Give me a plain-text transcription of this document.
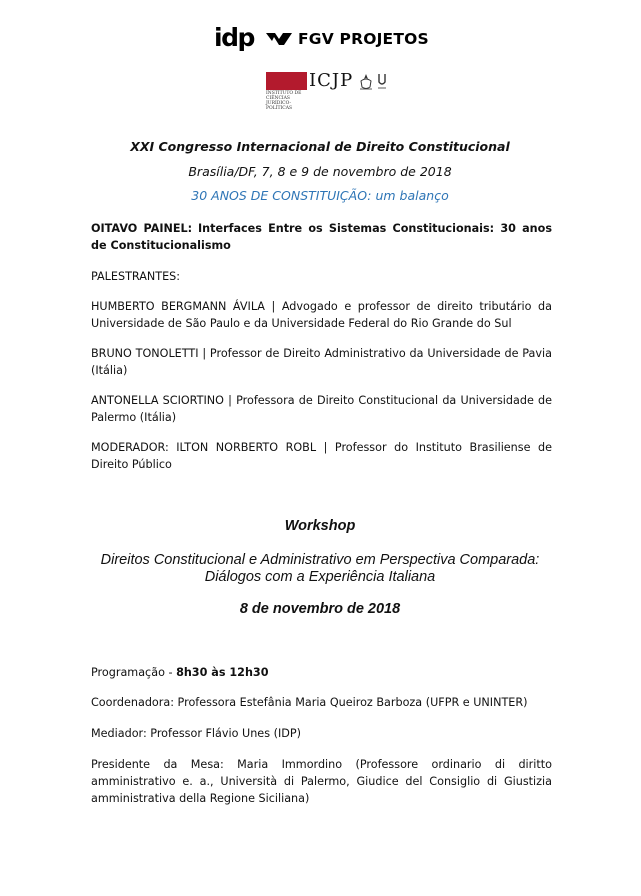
idp	FGV PROJETOS
ICJP
INSTITUTO DE CIÊNCIAS JURÍDICO-POLÍTICAS
XXI Congresso Internacional de Direito Constitucional
Brasília/DF, 7, 8 e 9 de novembro de 2018
30 ANOS DE CONSTITUIÇÃO: um balanço
OITAVO PAINEL: Interfaces Entre os Sistemas Constitucionais: 30 anos de Constitucionalismo
PALESTRANTES:
HUMBERTO BERGMANN ÁVILA | Advogado e professor de direito tributário da Universidade de São Paulo e da Universidade Federal do Rio Grande do Sul
BRUNO TONOLETTI | Professor de Direito Administrativo da Universidade de Pavia (Itália)
ANTONELLA SCIORTINO | Professora de Direito Constitucional da Universidade de Palermo (Itália)
MODERADOR: ILTON NORBERTO ROBL | Professor do Instituto Brasiliense de Direito Público
Workshop
Direitos Constitucional e Administrativo em Perspectiva Comparada:
Diálogos com a Experiência Italiana
8 de novembro de 2018
Programação - 8h30 às 12h30
Coordenadora: Professora Estefânia Maria Queiroz Barboza (UFPR e UNINTER)
Mediador: Professor Flávio Unes (IDP)
Presidente da Mesa: Maria Immordino (Professore ordinario di diritto amministrativo e. a., Università di Palermo, Giudice del Consiglio di Giustizia amministrativa della Regione Siciliana)
